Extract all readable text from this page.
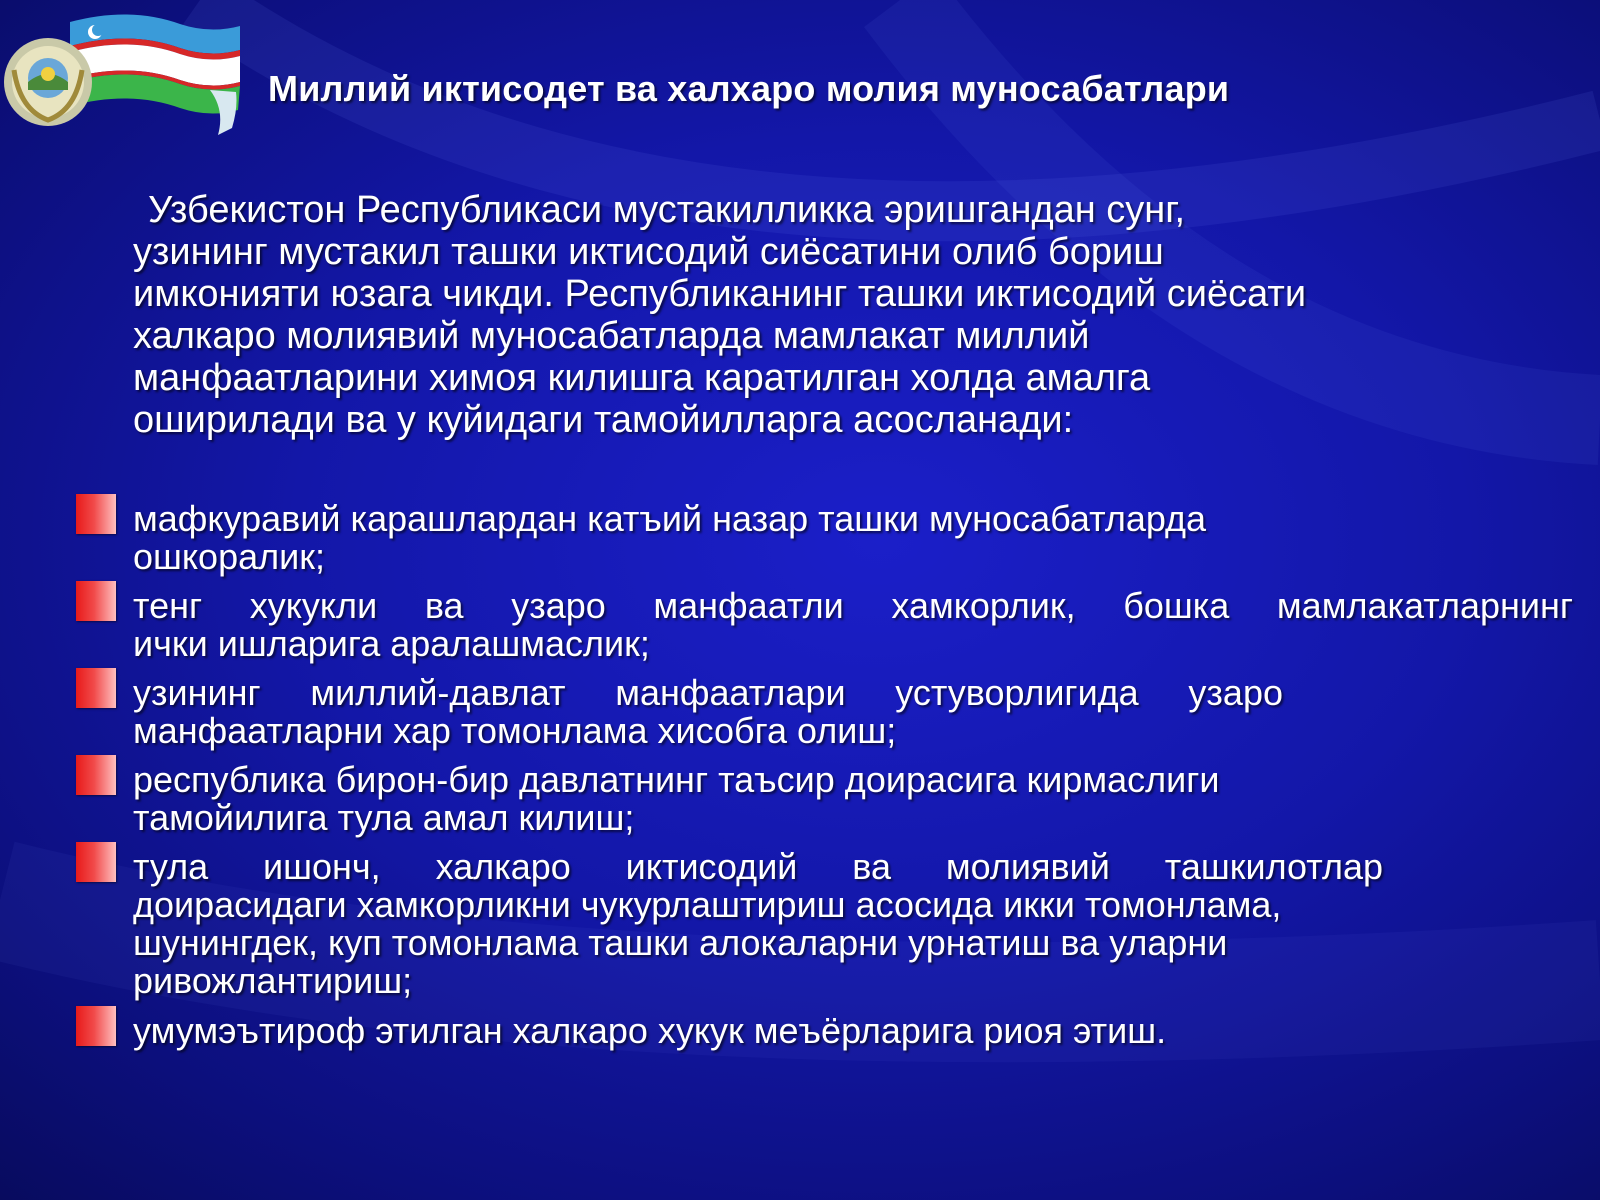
Миллий иктисодет ва халхаро молия муносабатлари

Узбекистон Республикаси мустакилликка эришгандан сунг,

узининг мустакил ташки иктисодий сиёсатини олиб бориш

имконияти юзага чикди. Республиканинг ташки иктисодий сиёсати

халкаро молиявий муносабатларда мамлакат миллий

манфаатларини химоя килишга каратилган холда амалга

оширилади ва у куйидаги тамойилларга асосланади:

мафкуравий карашлардан катъий назар ташки муносабатларда
ошкоралик;
тенг хукукли ва узаро манфаатли хамкорлик, бошка мамлакатларнинг
ички ишларига аралашмаслик;
узининг миллий-давлат манфаатлари устуворлигида узаро
манфаатларни хар томонлама хисобга олиш;
республика бирон-бир давлатнинг таъсир доирасига кирмаслиги
тамойилига тула амал килиш;
тула ишонч, халкаро иктисодий ва молиявий ташкилотлар
доирасидаги хамкорликни чукурлаштириш асосида икки томонлама,
шунингдек, куп томонлама ташки алокаларни урнатиш ва уларни
ривожлантириш;
умумэътироф этилган халкаро хукук меъёрларига риоя этиш.
